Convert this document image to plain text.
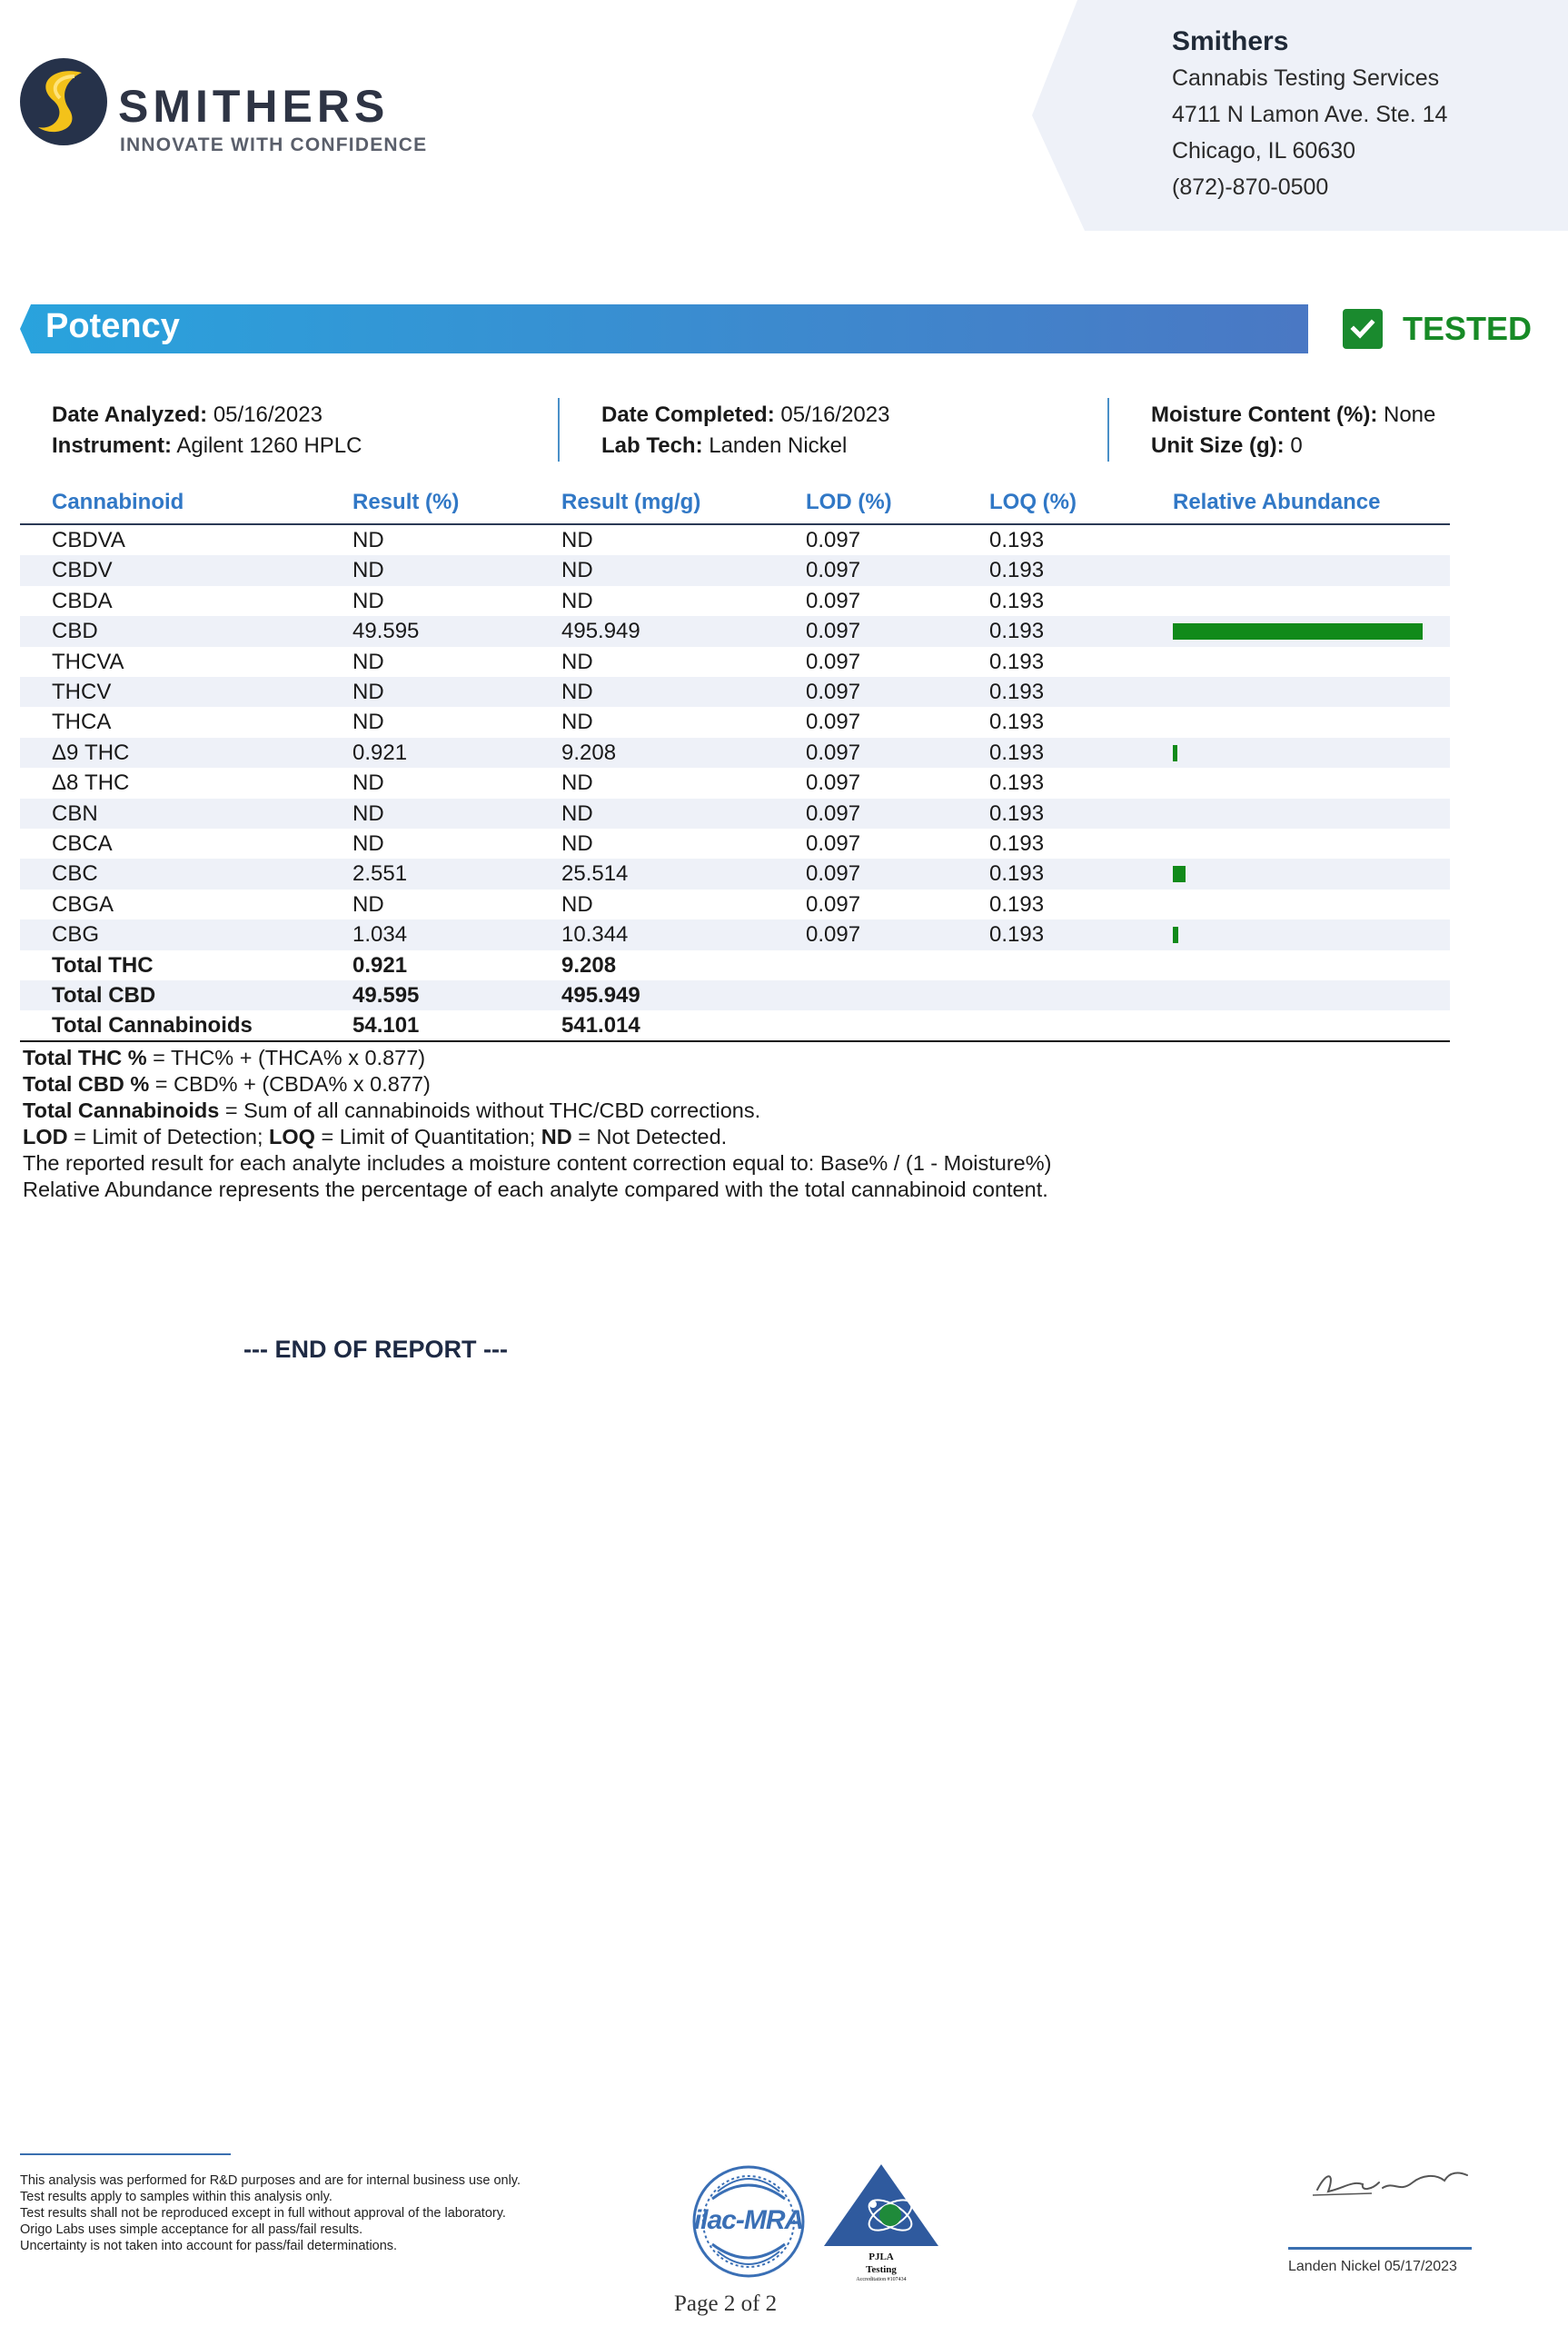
SMITHERS
INNOVATE WITH CONFIDENCE
Smithers
Cannabis Testing Services
4711 N Lamon Ave. Ste. 14
Chicago, IL 60630
(872)-870-0500
Potency	TESTED
Date Analyzed: 05/16/2023
Instrument: Agilent 1260 HPLC
Date Completed: 05/16/2023
Lab Tech: Landen Nickel
Moisture Content (%): None
Unit Size (g): 0
Cannabinoid	Result (%)	Result (mg/g)	LOD (%)	LOQ (%)	Relative Abundance
CBDVA	ND	ND	0.097	0.193
CBDV	ND	ND	0.097	0.193
CBDA	ND	ND	0.097	0.193
CBD	49.595	495.949	0.097	0.193
THCVA	ND	ND	0.097	0.193
THCV	ND	ND	0.097	0.193
THCA	ND	ND	0.097	0.193
Δ9 THC	0.921	9.208	0.097	0.193
Δ8 THC	ND	ND	0.097	0.193
CBN	ND	ND	0.097	0.193
CBCA	ND	ND	0.097	0.193
CBC	2.551	25.514	0.097	0.193
CBGA	ND	ND	0.097	0.193
CBG	1.034	10.344	0.097	0.193
Total THC	0.921	9.208
Total CBD	49.595	495.949
Total Cannabinoids	54.101	541.014
Total THC % = THC% + (THCA% x 0.877)
Total CBD % = CBD% + (CBDA% x 0.877)
Total Cannabinoids = Sum of all cannabinoids without THC/CBD corrections.
LOD = Limit of Detection; LOQ = Limit of Quantitation; ND = Not Detected.
The reported result for each analyte includes a moisture content correction equal to: Base% / (1 - Moisture%)
Relative Abundance represents the percentage of each analyte compared with the total cannabinoid content.
--- END OF REPORT ---
This analysis was performed for R&D purposes and are for internal business use only.
Test results apply to samples within this analysis only.
Test results shall not be reproduced except in full without approval of the laboratory.
Origo Labs uses simple acceptance for all pass/fail results.
Uncertainty is not taken into account for pass/fail determinations.
ilac-MRA
PJLA
Testing
Accreditation #107434
Page 2 of 2
Landen Nickel 05/17/2023
